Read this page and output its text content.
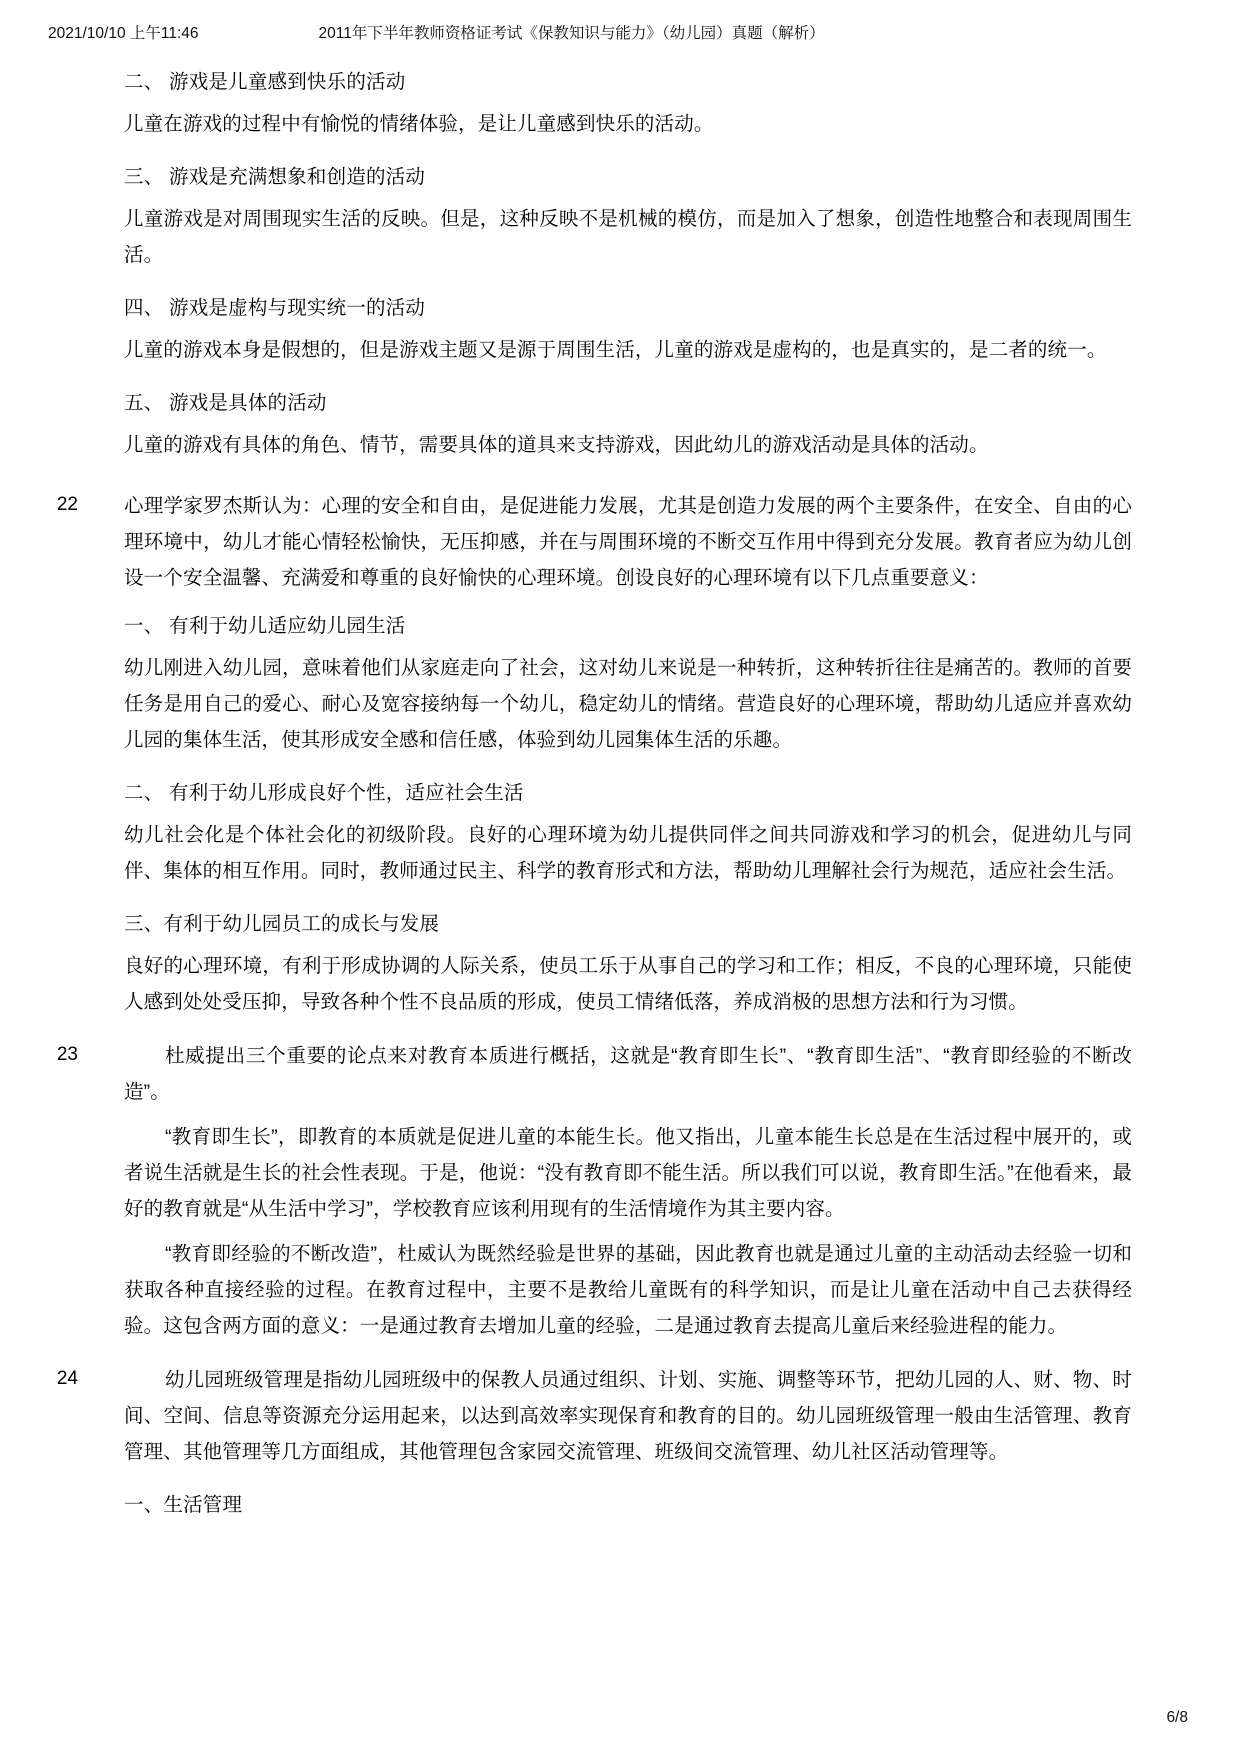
2021/10/10 上午11:46	2011年下半年教师资格证考试《保教知识与能力》（幼儿园）真题（解析）

二、 游戏是儿童感到快乐的活动
儿童在游戏的过程中有愉悦的情绪体验，是让儿童感到快乐的活动。
三、 游戏是充满想象和创造的活动
儿童游戏是对周围现实生活的反映。但是，这种反映不是机械的模仿，而是加入了想象，创造性地整合和表现周围生活。
四、 游戏是虚构与现实统一的活动
儿童的游戏本身是假想的，但是游戏主题又是源于周围生活，儿童的游戏是虚构的，也是真实的，是二者的统一。
五、 游戏是具体的活动
儿童的游戏有具体的角色、情节，需要具体的道具来支持游戏，因此幼儿的游戏活动是具体的活动。
22 心理学家罗杰斯认为：心理的安全和自由，是促进能力发展，尤其是创造力发展的两个主要条件，在安全、自由的心理环境中，幼儿才能心情轻松愉快，无压抑感，并在与周围环境的不断交互作用中得到充分发展。教育者应为幼儿创设一个安全温馨、充满爱和尊重的良好愉快的心理环境。创设良好的心理环境有以下几点重要意义：
一、 有利于幼儿适应幼儿园生活
幼儿刚进入幼儿园，意味着他们从家庭走向了社会，这对幼儿来说是一种转折，这种转折往往是痛苦的。教师的首要任务是用自己的爱心、耐心及宽容接纳每一个幼儿，稳定幼儿的情绪。营造良好的心理环境，帮助幼儿适应并喜欢幼儿园的集体生活，使其形成安全感和信任感，体验到幼儿园集体生活的乐趣。
二、 有利于幼儿形成良好个性，适应社会生活
幼儿社会化是个体社会化的初级阶段。良好的心理环境为幼儿提供同伴之间共同游戏和学习的机会，促进幼儿与同伴、集体的相互作用。同时，教师通过民主、科学的教育形式和方法，帮助幼儿理解社会行为规范，适应社会生活。
三、有利于幼儿园员工的成长与发展
良好的心理环境，有利于形成协调的人际关系，使员工乐于从事自己的学习和工作；相反，不良的心理环境，只能使人感到处处受压抑，导致各种个性不良品质的形成，使员工情绪低落，养成消极的思想方法和行为习惯。
23	杜威提出三个重要的论点来对教育本质进行概括，这就是“教育即生长”、“教育即生活”、“教育即经验的不断改造”。
“教育即生长”，即教育的本质就是促进儿童的本能生长。他又指出，儿童本能生长总是在生活过程中展开的，或者说生活就是生长的社会性表现。于是，他说：“没有教育即不能生活。所以我们可以说，教育即生活。”在他看来，最好的教育就是“从生活中学习”，学校教育应该利用现有的生活情境作为其主要内容。
“教育即经验的不断改造”，杜威认为既然经验是世界的基础，因此教育也就是通过儿童的主动活动去经验一切和获取各种直接经验的过程。在教育过程中，主要不是教给儿童既有的科学知识，而是让儿童在活动中自己去获得经验。这包含两方面的意义：一是通过教育去增加儿童的经验，二是通过教育去提高儿童后来经验进程的能力。
24	幼儿园班级管理是指幼儿园班级中的保教人员通过组织、计划、实施、调整等环节，把幼儿园的人、财、物、时间、空间、信息等资源充分运用起来，以达到高效率实现保育和教育的目的。幼儿园班级管理一般由生活管理、教育管理、其他管理等几方面组成，其他管理包含家园交流管理、班级间交流管理、幼儿社区活动管理等。
一、生活管理
6/8
